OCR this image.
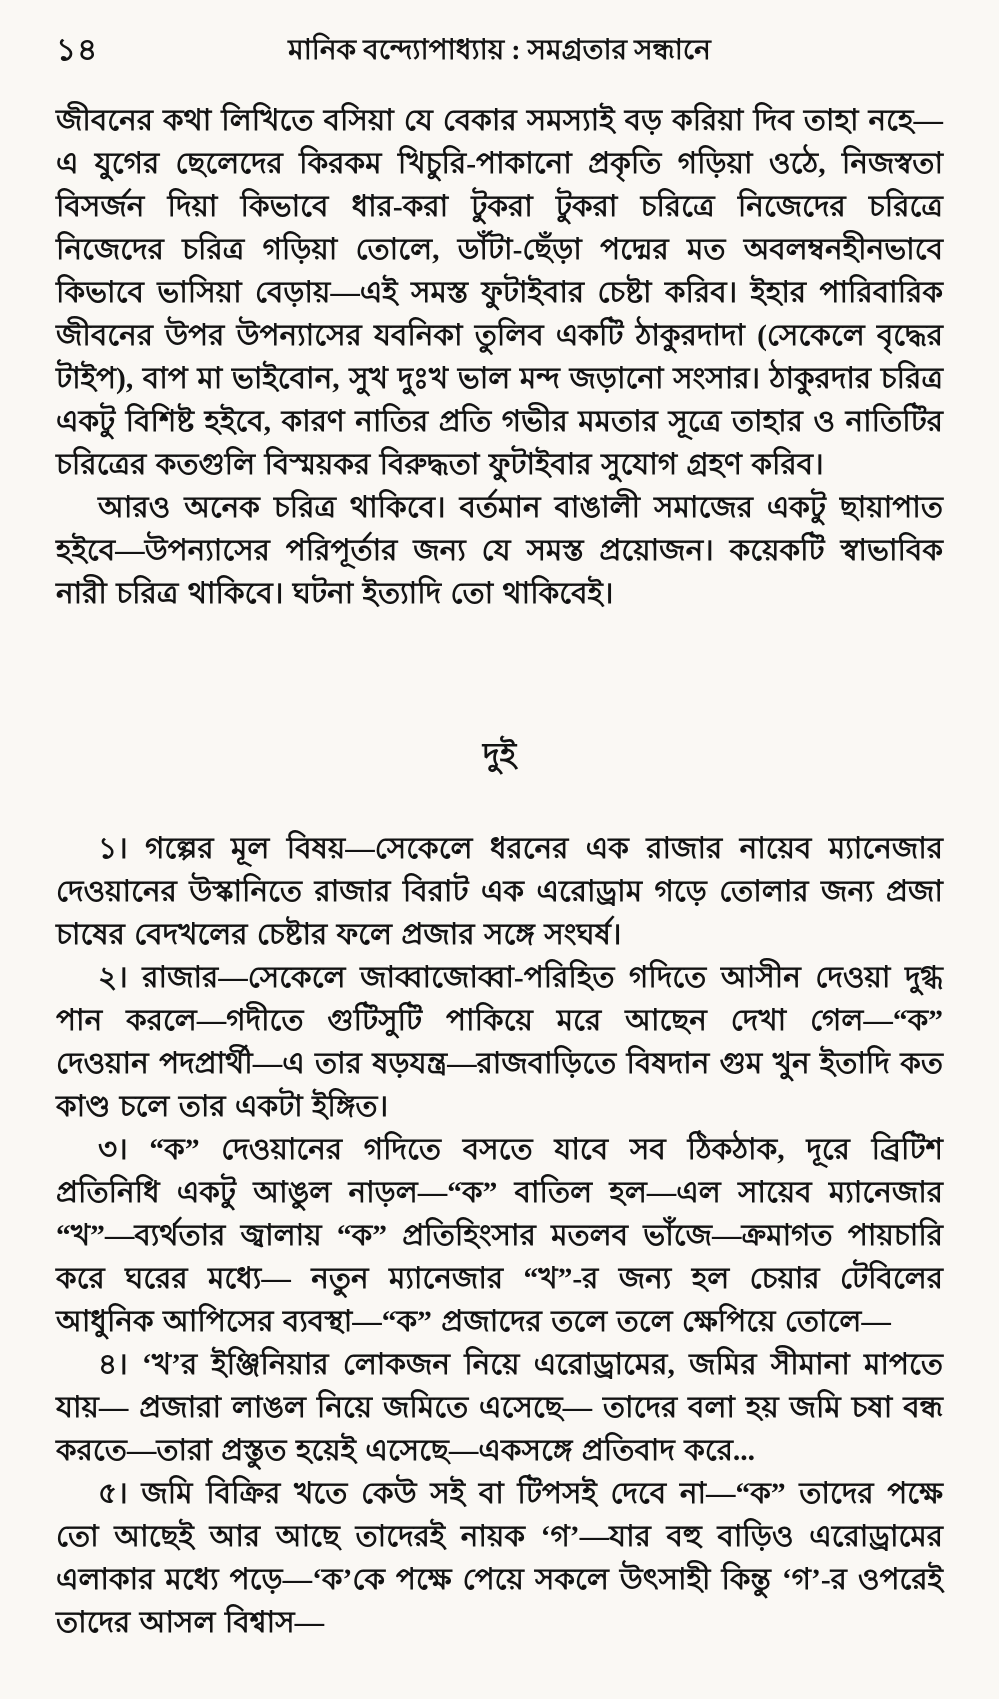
১৪	মানিক বন্দ্যোপাধ্যায় : সমগ্রতার সন্ধানে

জীবনের কথা লিখিতে বসিয়া যে বেকার সমস্যাই বড় করিয়া দিব তাহা নহে—এ যুগের ছেলেদের কিরকম খিচুরি-পাকানো প্রকৃতি গড়িয়া ওঠে, নিজস্বতা বিসর্জন দিয়া কিভাবে ধার-করা টুকরা টুকরা চরিত্রে নিজেদের চরিত্রে নিজেদের চরিত্র গড়িয়া তোলে, ডাঁটা-ছেঁড়া পদ্মের মত অবলম্বনহীনভাবে কিভাবে ভাসিয়া বেড়ায়—এই সমস্ত ফুটাইবার চেষ্টা করিব। ইহার পারিবারিক জীবনের উপর উপন্যাসের যবনিকা তুলিব একটি ঠাকুরদাদা (সেকেলে বৃদ্ধের টাইপ), বাপ মা ভাইবোন, সুখ দুঃখ ভাল মন্দ জড়ানো সংসার। ঠাকুরদার চরিত্র একটু বিশিষ্ট হইবে, কারণ নাতির প্রতি গভীর মমতার সূত্রে তাহার ও নাতিটির চরিত্রের কতগুলি বিস্ময়কর বিরুদ্ধতা ফুটাইবার সুযোগ গ্রহণ করিব।

আরও অনেক চরিত্র থাকিবে। বর্তমান বাঙালী সমাজের একটু ছায়াপাত হইবে—উপন্যাসের পরিপূর্তার জন্য যে সমস্ত প্রয়োজন। কয়েকটি স্বাভাবিক নারী চরিত্র থাকিবে। ঘটনা ইত্যাদি তো থাকিবেই।

দুই

১। গল্পের মূল বিষয়—সেকেলে ধরনের এক রাজার নায়েব ম্যানেজার দেওয়ানের উস্কানিতে রাজার বিরাট এক এরোড্রাম গড়ে তোলার জন্য প্রজা চাষের বেদখলের চেষ্টার ফলে প্রজার সঙ্গে সংঘর্ষ।

২। রাজার—সেকেলে জাব্বাজোব্বা-পরিহিত গদিতে আসীন দেওয়া দুগ্ধ পান করলে—গদীতে গুটিসুটি পাকিয়ে মরে আছেন দেখা গেল—“ক” দেওয়ান পদপ্রার্থী—এ তার ষড়যন্ত্র—রাজবাড়িতে বিষদান গুম খুন ইতাদি কত কাণ্ড চলে তার একটা ইঙ্গিত।

৩। “ক” দেওয়ানের গদিতে বসতে যাবে সব ঠিকঠাক, দূরে ব্রিটিশ প্রতিনিধি একটু আঙুল নাড়ল—“ক” বাতিল হল—এল সায়েব ম্যানেজার “খ”—ব্যর্থতার জ্বালায় “ক” প্রতিহিংসার মতলব ভাঁজে—ক্রমাগত পায়চারি করে ঘরের মধ্যে— নতুন ম্যানেজার “খ”-র জন্য হল চেয়ার টেবিলের আধুনিক আপিসের ব্যবস্থা—“ক” প্রজাদের তলে তলে ক্ষেপিয়ে তোলে—

৪। ‘খ’র ইঞ্জিনিয়ার লোকজন নিয়ে এরোড্রামের, জমির সীমানা মাপতে যায়— প্রজারা লাঙল নিয়ে জমিতে এসেছে— তাদের বলা হয় জমি চষা বন্ধ করতে—তারা প্রস্তুত হয়েই এসেছে—একসঙ্গে প্রতিবাদ করে...

৫। জমি বিক্রির খতে কেউ সই বা টিপসই দেবে না—“ক” তাদের পক্ষে তো আছেই আর আছে তাদেরই নায়ক ‘গ’—যার বহু বাড়িও এরোড্রামের এলাকার মধ্যে পড়ে—‘ক’কে পক্ষে পেয়ে সকলে উৎসাহী কিন্তু ‘গ’-র ওপরেই তাদের আসল বিশ্বাস—
